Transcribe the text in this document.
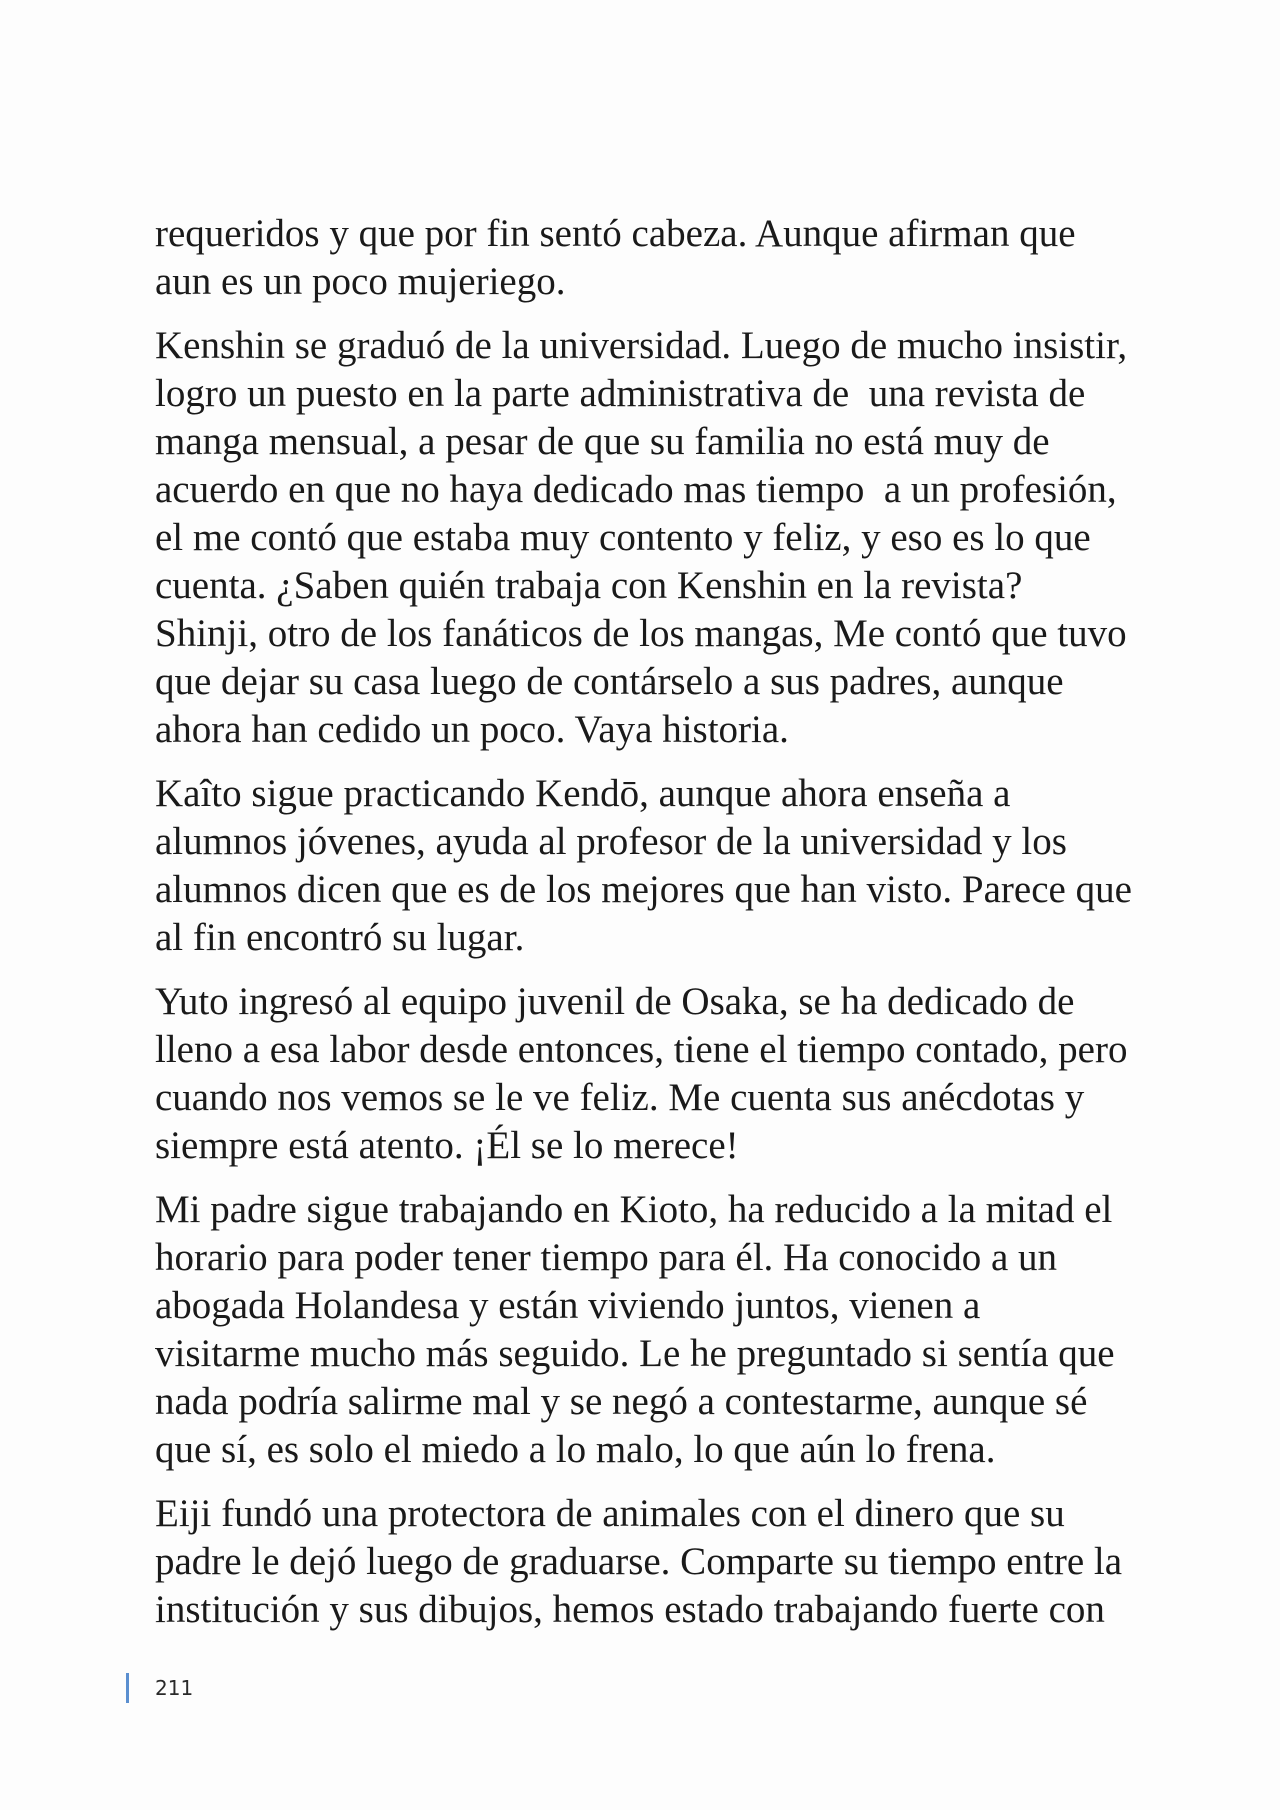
requeridos y que por fin sentó cabeza. Aunque afirman que
aun es un poco mujeriego.

Kenshin se graduó de la universidad. Luego de mucho insistir,
logro un puesto en la parte administrativa de  una revista de
manga mensual, a pesar de que su familia no está muy de
acuerdo en que no haya dedicado mas tiempo  a un profesión,
el me contó que estaba muy contento y feliz, y eso es lo que
cuenta. ¿Saben quién trabaja con Kenshin en la revista?
Shinji, otro de los fanáticos de los mangas, Me contó que tuvo
que dejar su casa luego de contárselo a sus padres, aunque
ahora han cedido un poco. Vaya historia.

Kaîto sigue practicando Kendō, aunque ahora enseña a
alumnos jóvenes, ayuda al profesor de la universidad y los
alumnos dicen que es de los mejores que han visto. Parece que
al fin encontró su lugar.

Yuto ingresó al equipo juvenil de Osaka, se ha dedicado de
lleno a esa labor desde entonces, tiene el tiempo contado, pero
cuando nos vemos se le ve feliz. Me cuenta sus anécdotas y
siempre está atento. ¡Él se lo merece!

Mi padre sigue trabajando en Kioto, ha reducido a la mitad el
horario para poder tener tiempo para él. Ha conocido a un
abogada Holandesa y están viviendo juntos, vienen a
visitarme mucho más seguido. Le he preguntado si sentía que
nada podría salirme mal y se negó a contestarme, aunque sé
que sí, es solo el miedo a lo malo, lo que aún lo frena.

Eiji fundó una protectora de animales con el dinero que su
padre le dejó luego de graduarse. Comparte su tiempo entre la
institución y sus dibujos, hemos estado trabajando fuerte con

211
